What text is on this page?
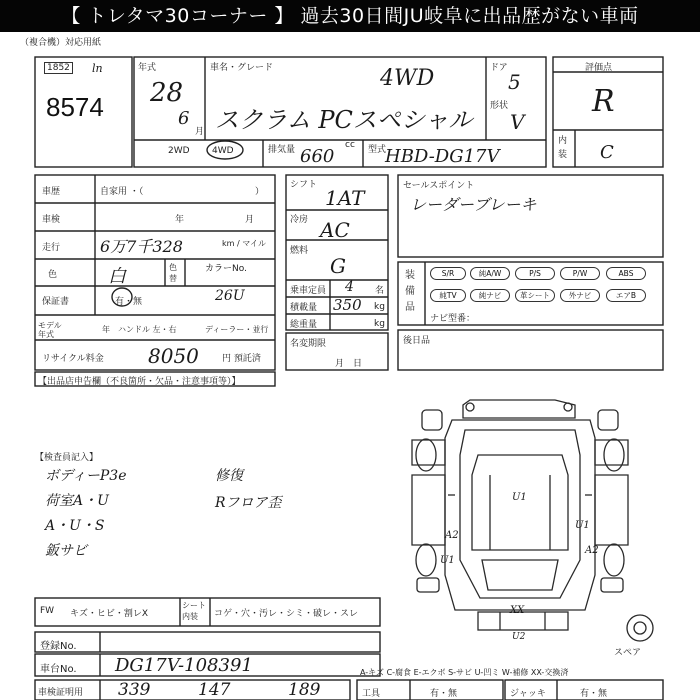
【 トレタマ30コーナー 】 過去30日間JU岐阜に出品歴がない車両
（複合機）対応用紙
1852 ln
8574
年式
28
6
月
車名・グレード	4WD
スクラム PCスペシャル
ドア
5
形状
V
2WD 4WD	排気量	cc
660	型式
HBD-DG17V
評価点
R
内装 C
車歴	自家用 ・（	）
車検	年	月
走行 6万7千328	km / マイル
色	白	色替
カラーNo.
26U
保証書	有・無
モデル年式
年 ハンドル 左・右	ディーラー・並行
リサイクル料金 8050	円 預託済
シフト
1AT
冷房 AC
燃料
G
乗車定員 4 名
積載量 350 kg
総重量	kg
名変期限
月　日
セールスポイント
レーダーブレーキ
装備品
S/R	純A/W	P/S	P/W	ABS
純TV	純ナビ	革シート	外ナビ	エアB
ナビ型番：
後日品
【出品店申告欄（不良箇所・欠品・注意事項等）】
【検査員記入】
ボディーP3e
荷室A・U
A・U・S
鈑サビ
修復
Rフロア歪	U1
U1
A2
U1
A2
XX
U2
スペア
FW キズ・ヒビ・割レX
シート内装	コゲ・穴・汚レ・シミ・破レ・スレ
登録No.
車台No. DG17V-108391
車検証明用 339	147	189
A-キズ C-腐食 E-エクボ S-サビ U-凹ミ W-補修 XX-交換済
工具	有・無	ジャッキ	有・無
